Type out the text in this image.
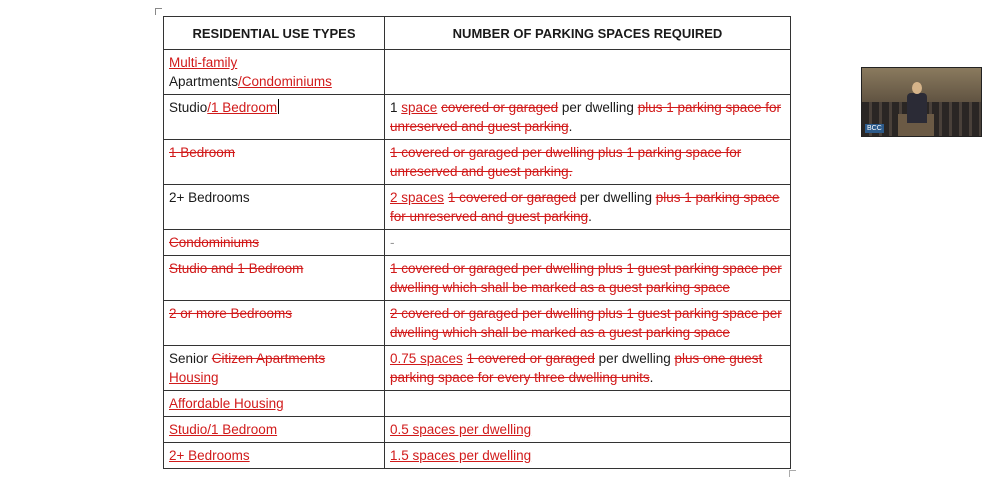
RESIDENTIAL USE TYPES	NUMBER OF PARKING SPACES REQUIRED
Multi-family
Apartments/Condominiums	
Studio/1 Bedroom	1 space covered or garaged per dwelling plus 1 parking space for unreserved and guest parking.
1 Bedroom	1 covered or garaged per dwelling plus 1 parking space for unreserved and guest parking.
2+ Bedrooms	2 spaces 1 covered or garaged per dwelling plus 1 parking space for unreserved and guest parking.
Condominiums	-
Studio and 1 Bedroom	1 covered or garaged per dwelling plus 1 guest parking space per dwelling which shall be marked as a guest parking space
2 or more Bedrooms	2 covered or garaged per dwelling plus 1 guest parking space per dwelling which shall be marked as a guest parking space
Senior Citizen Apartments
Housing	0.75 spaces 1 covered or garaged per dwelling plus one guest parking space for every three dwelling units.
Affordable Housing	
Studio/1 Bedroom	0.5 spaces per dwelling
2+ Bedrooms	1.5 spaces per dwelling
BCC
